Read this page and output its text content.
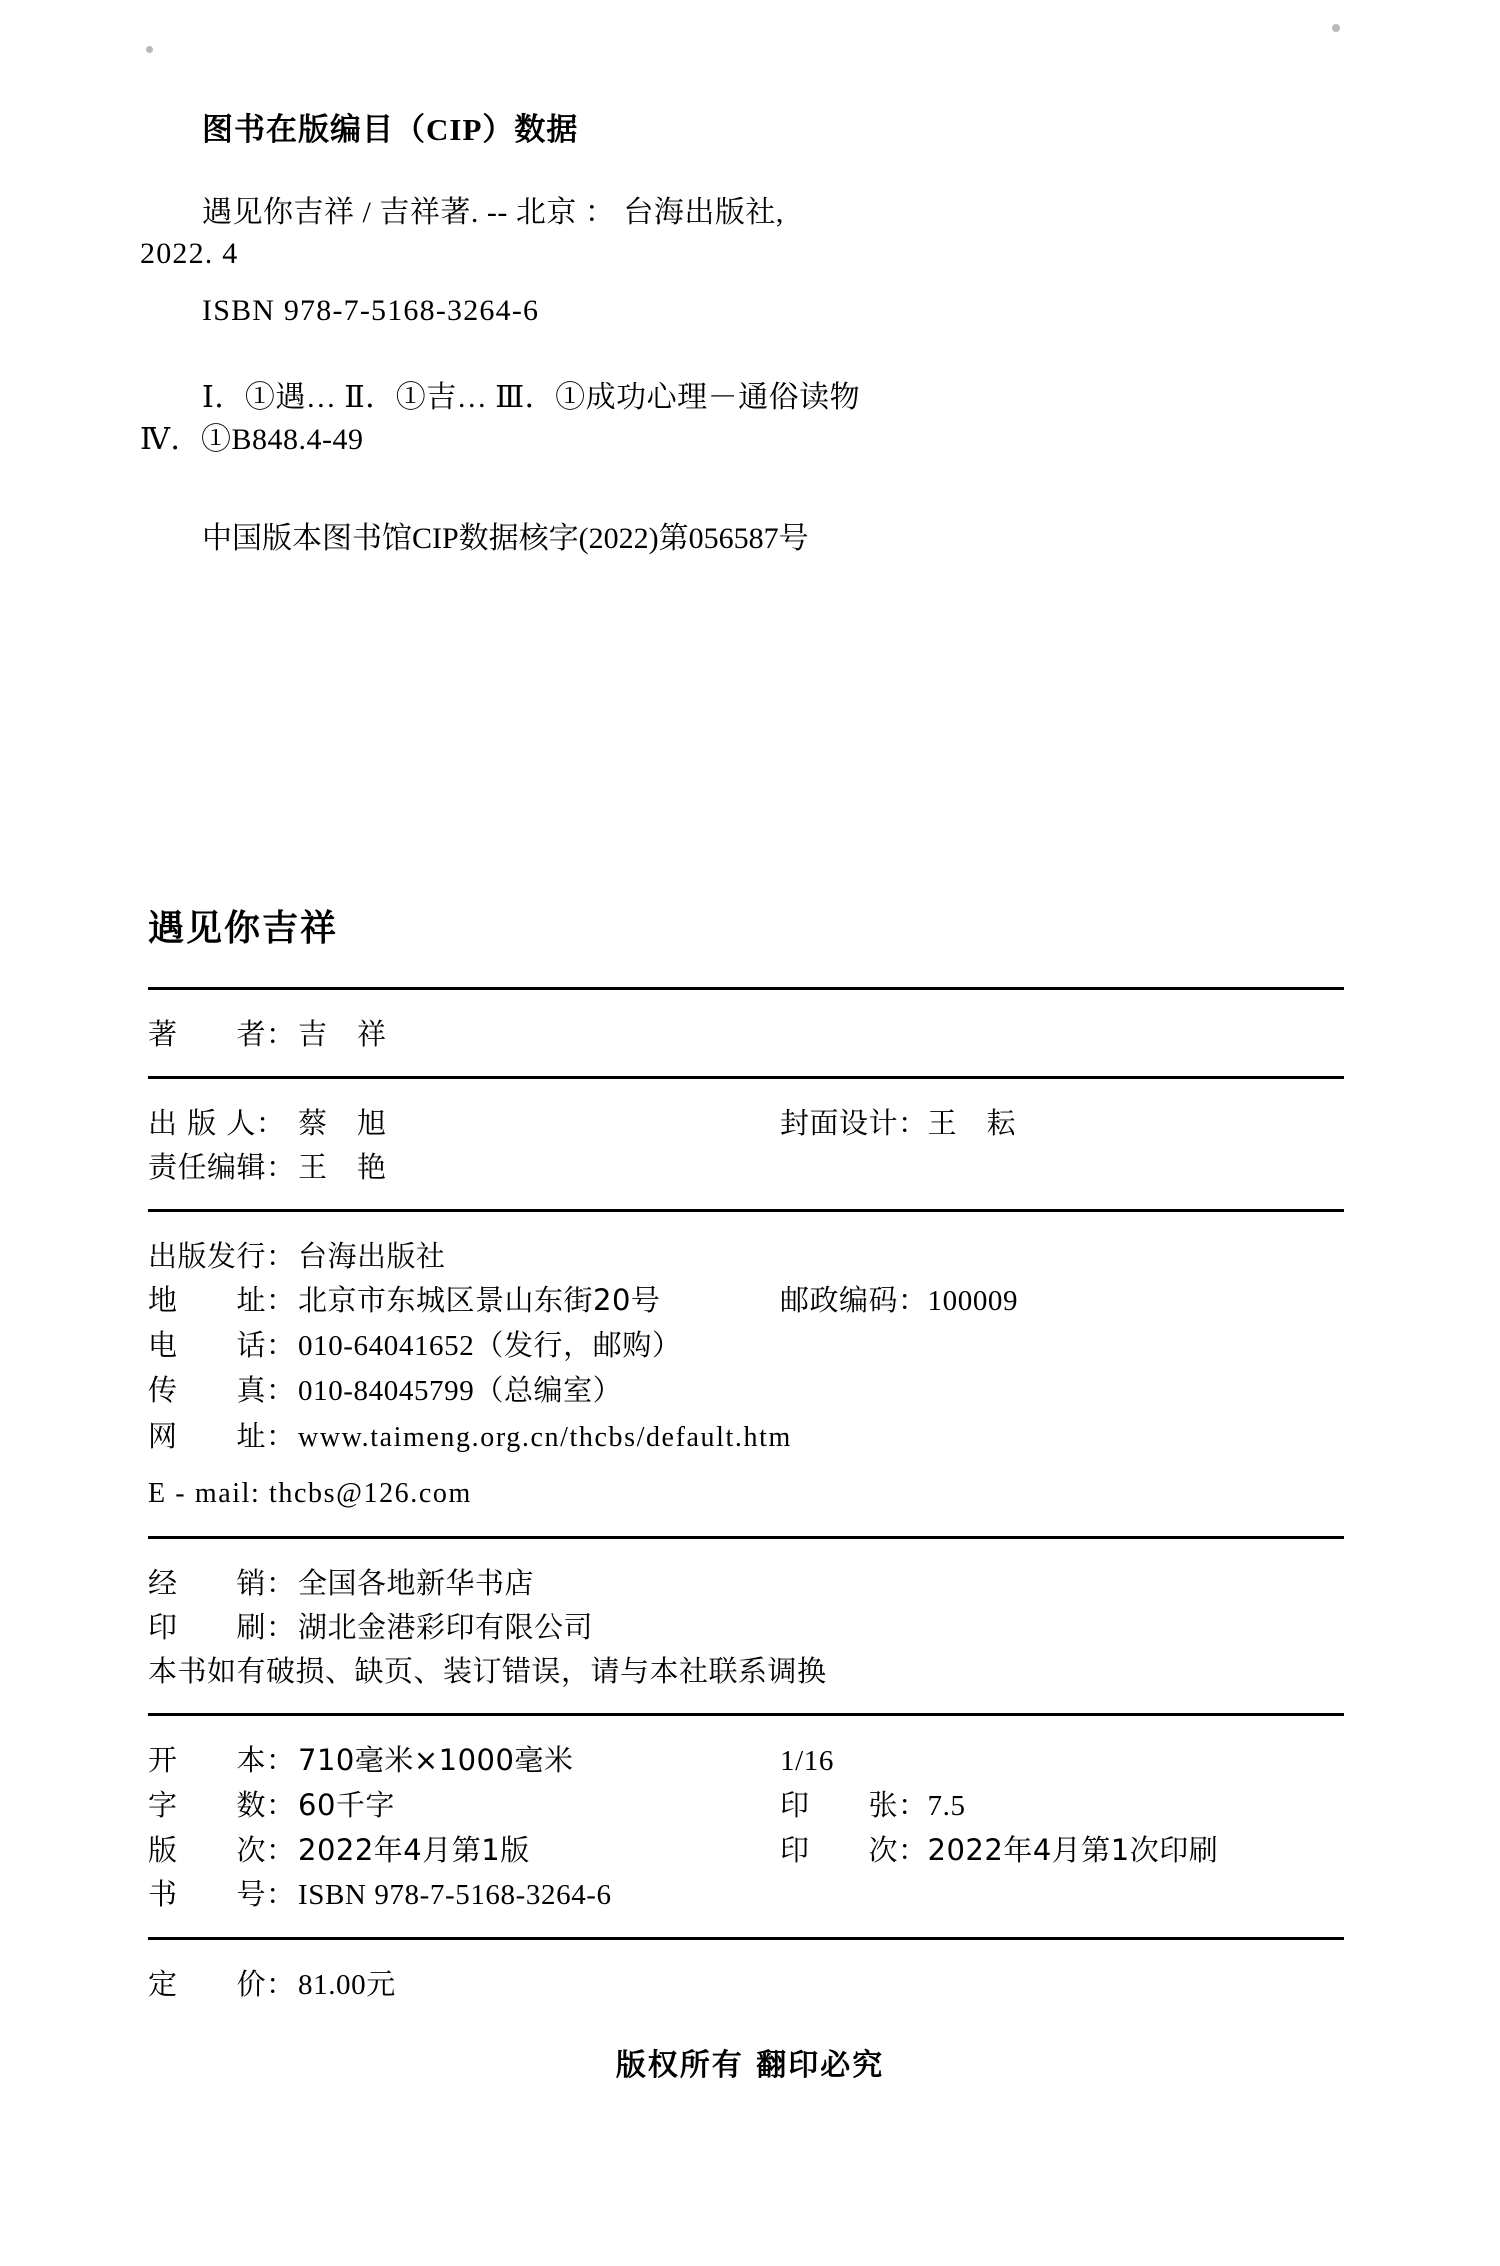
图书在版编目（CIP）数据
遇见你吉祥 / 吉祥著. -- 北京 ： 台海出版社,
2022. 4
ISBN 978-7-5168-3264-6
Ⅰ．①遇… Ⅱ．①吉… Ⅲ．①成功心理－通俗读物
Ⅳ．①B848.4-49
中国版本图书馆CIP数据核字(2022)第056587号
遇见你吉祥
著　　者： 吉　祥
出 版 人： 蔡　旭	封面设计： 王　耘
责任编辑： 王　艳
出版发行： 台海出版社
地　　址： 北京市东城区景山东街20号	邮政编码： 100009
电　　话： 010-64041652（发行，邮购）
传　　真： 010-84045799（总编室）
网　　址： www.taimeng.org.cn/thcbs/default.htm
E - mail:
thcbs@126.com
经　　销： 全国各地新华书店
印　　刷： 湖北金港彩印有限公司
本书如有破损、缺页、装订错误，请与本社联系调换
开　　本： 710毫米×1000毫米	1/16
字　　数： 60千字	印　　张： 7.5
版　　次： 2022年4月第1版	印　　次： 2022年4月第1次印刷
书　　号： ISBN 978-7-5168-3264-6
定　　价： 81.00元
版权所有 翻印必究
